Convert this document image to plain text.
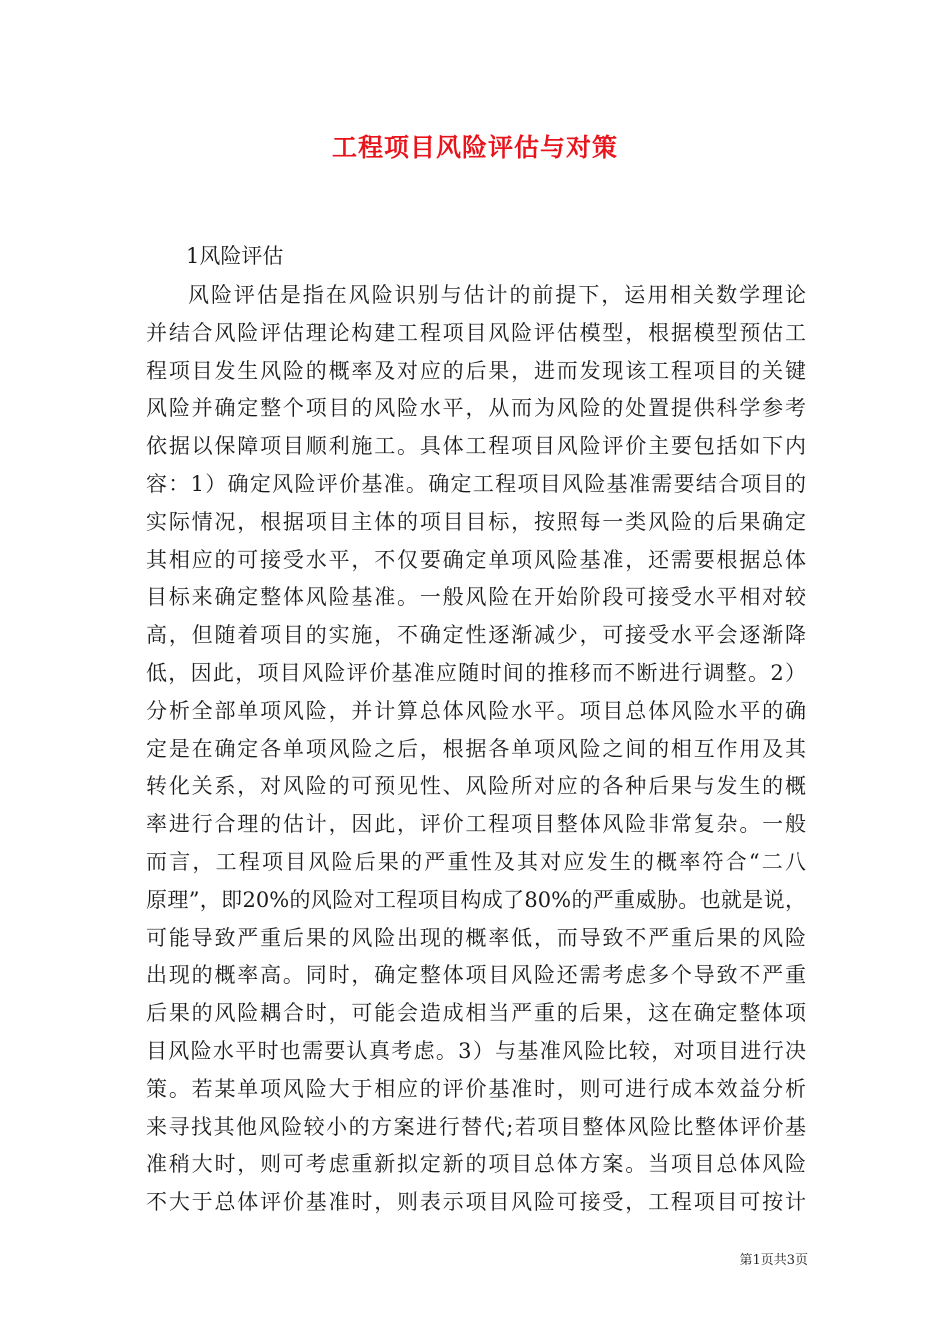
工程项目风险评估与对策
1风险评估
风险评估是指在风险识别与估计的前提下，运用相关数学理论
并结合风险评估理论构建工程项目风险评估模型，根据模型预估工
程项目发生风险的概率及对应的后果，进而发现该工程项目的关键
风险并确定整个项目的风险水平，从而为风险的处置提供科学参考
依据以保障项目顺利施工。具体工程项目风险评价主要包括如下内
容：1）确定风险评价基准。确定工程项目风险基准需要结合项目的
实际情况，根据项目主体的项目目标，按照每一类风险的后果确定
其相应的可接受水平，不仅要确定单项风险基准，还需要根据总体
目标来确定整体风险基准。一般风险在开始阶段可接受水平相对较
高，但随着项目的实施，不确定性逐渐减少，可接受水平会逐渐降
低，因此，项目风险评价基准应随时间的推移而不断进行调整。2）
分析全部单项风险，并计算总体风险水平。项目总体风险水平的确
定是在确定各单项风险之后，根据各单项风险之间的相互作用及其
转化关系，对风险的可预见性、风险所对应的各种后果与发生的概
率进行合理的估计，因此，评价工程项目整体风险非常复杂。一般
而言，工程项目风险后果的严重性及其对应发生的概率符合“二八
原理”，即20%的风险对工程项目构成了80%的严重威胁。也就是说，
可能导致严重后果的风险出现的概率低，而导致不严重后果的风险
出现的概率高。同时，确定整体项目风险还需考虑多个导致不严重
后果的风险耦合时，可能会造成相当严重的后果，这在确定整体项
目风险水平时也需要认真考虑。3）与基准风险比较，对项目进行决
策。若某单项风险大于相应的评价基准时，则可进行成本效益分析
来寻找其他风险较小的方案进行替代;若项目整体风险比整体评价基
准稍大时，则可考虑重新拟定新的项目总体方案。当项目总体风险
不大于总体评价基准时，则表示项目风险可接受，工程项目可按计
第1页共3页
